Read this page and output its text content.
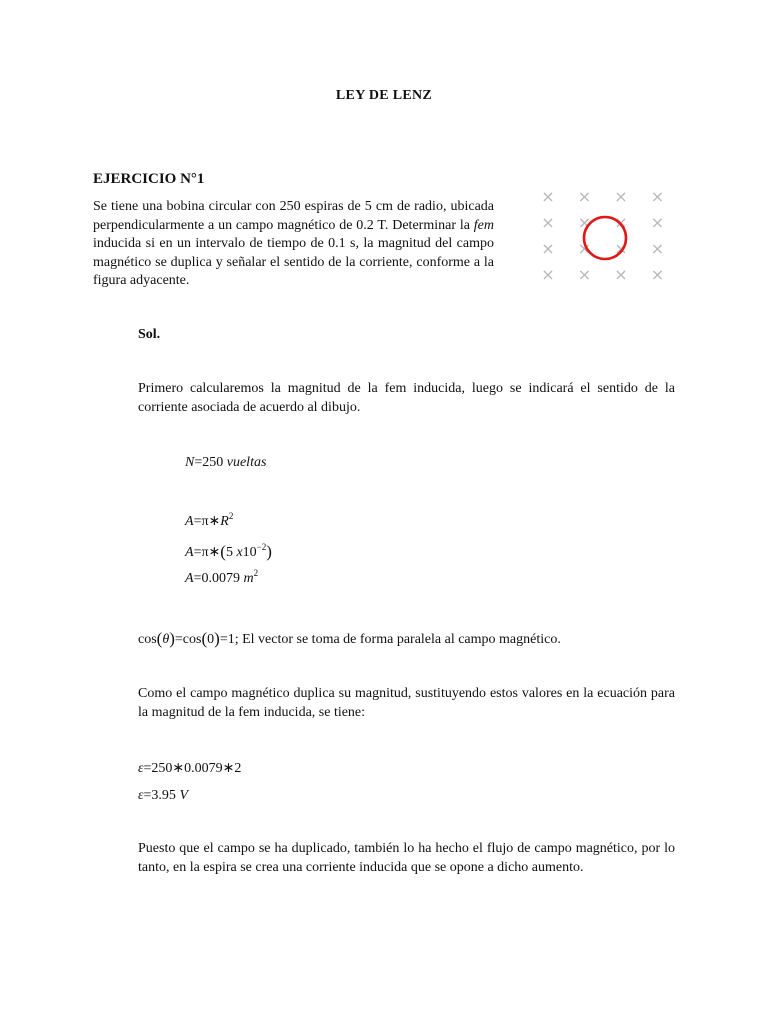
LEY DE LENZ
EJERCICIO N°1
Se tiene una bobina circular con 250 espiras de 5 cm de radio, ubicada perpendicularmente a un campo magnético de 0.2 T. Determinar la fem inducida si en un intervalo de tiempo de 0.1 s, la magnitud del campo magnético se duplica y señalar el sentido de la corriente, conforme a la figura adyacente.
× × × ×
× × × ×
× × × ×
× × × ×
Sol.
Primero calcularemos la magnitud de la fem inducida, luego se indicará el sentido de la corriente asociada de acuerdo al dibujo.
N=250 vueltas
$A=\pi∗R^2$
A=π∗(5 $x10^{-2}$)
A=0.0079 $m^2$
cos(θ)=cos(0)=1; El vector se toma de forma paralela al campo magnético.
Como el campo magnético duplica su magnitud, sustituyendo estos valores en la ecuación para la magnitud de la fem inducida, se tiene:
ε=250∗0.0079∗2
ε=3.95 V
Puesto que el campo se ha duplicado, también lo ha hecho el flujo de campo magnético, por lo tanto, en la espira se crea una corriente inducida que se opone a dicho aumento.
